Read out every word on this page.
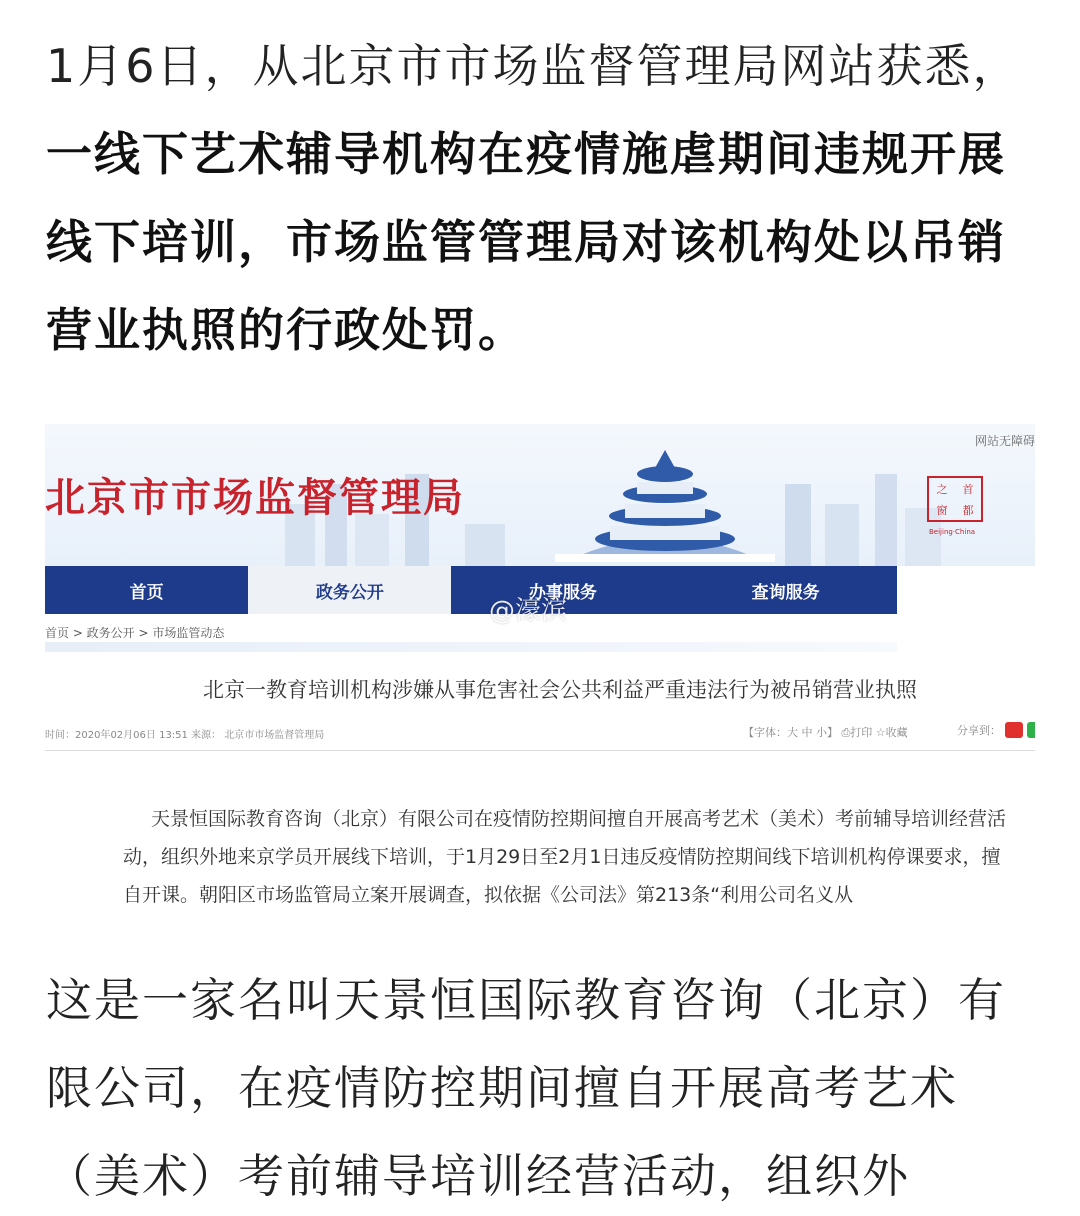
1月6日，从北京市市场监督管理局网站获悉，一线下艺术辅导机构在疫情施虐期间违规开展线下培训，市场监管管理局对该机构处以吊销营业执照的行政处罚。
北京市市场监督管理局
网站无障碍
之 首
窗 都
Beijing·China
首页	政务公开	办事服务	查询服务
@濠滨
首页 > 政务公开 > 市场监管动态
北京一教育培训机构涉嫌从事危害社会公共利益严重违法行为被吊销营业执照
时间：2020年02月06日 13:51 来源： 北京市市场监督管理局	【字体：大 中 小】 ⎙打印 ☆收藏	分享到：
天景恒国际教育咨询（北京）有限公司在疫情防控期间擅自开展高考艺术（美术）考前辅导培训经营活动，组织外地来京学员开展线下培训，于1月29日至2月1日违反疫情防控期间线下培训机构停课要求，擅自开课。朝阳区市场监管局立案开展调查，拟依据《公司法》第213条“利用公司名义从
这是一家名叫天景恒国际教育咨询（北京）有限公司，在疫情防控期间擅自开展高考艺术（美术）考前辅导培训经营活动，组织外
